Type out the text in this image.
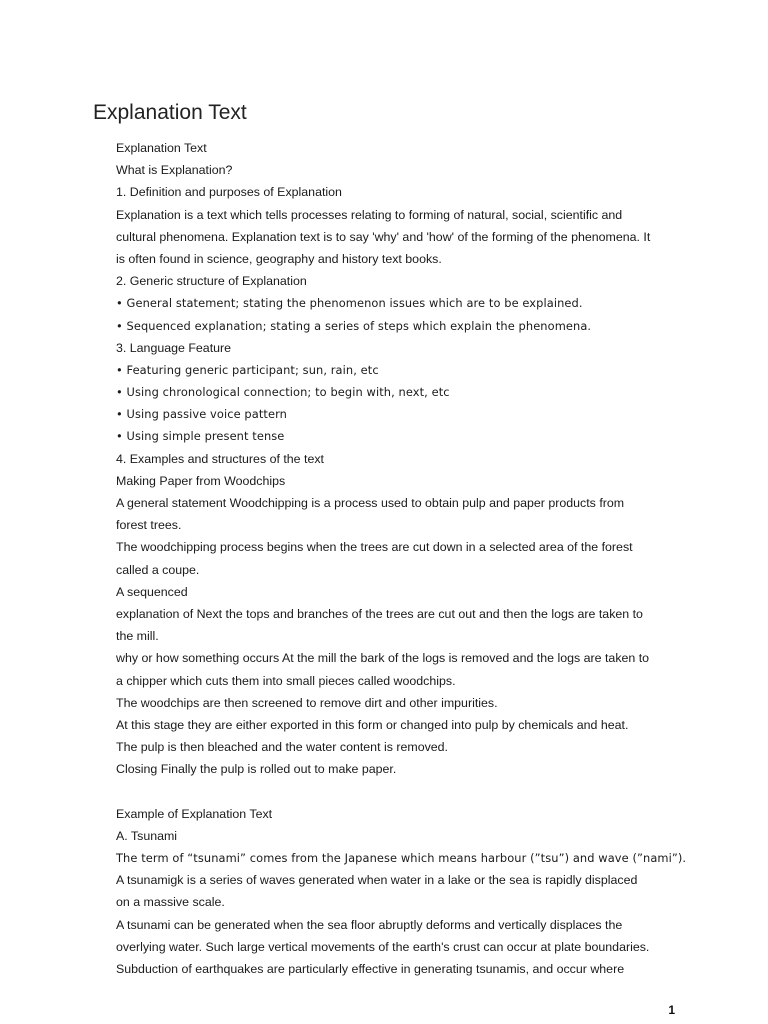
Explanation Text
Explanation Text
What is Explanation?
1. Definition and purposes of Explanation
Explanation is a text which tells processes relating to forming of natural, social, scientific and
cultural phenomena. Explanation text is to say 'why' and 'how' of the forming of the phenomena. It
is often found in science, geography and history text books.
2. Generic structure of Explanation
• General statement; stating the phenomenon issues which are to be explained.
• Sequenced explanation; stating a series of steps which explain the phenomena.
3. Language Feature
• Featuring generic participant; sun, rain, etc
• Using chronological connection; to begin with, next, etc
• Using passive voice pattern
• Using simple present tense
4. Examples and structures of the text
Making Paper from Woodchips
A general statement Woodchipping is a process used to obtain pulp and paper products from
forest trees.
The woodchipping process begins when the trees are cut down in a selected area of the forest
called a coupe.
A sequenced
explanation of Next the tops and branches of the trees are cut out and then the logs are taken to
the mill.
why or how something occurs At the mill the bark of the logs is removed and the logs are taken to
a chipper which cuts them into small pieces called woodchips.
The woodchips are then screened to remove dirt and other impurities.
At this stage they are either exported in this form or changed into pulp by chemicals and heat.
The pulp is then bleached and the water content is removed.
Closing Finally the pulp is rolled out to make paper.
Example of Explanation Text
A. Tsunami
The term of “tsunami” comes from the Japanese which means harbour (”tsu”) and wave (”nami”).
A tsunamigk is a series of waves generated when water in a lake or the sea is rapidly displaced
on a massive scale.
A tsunami can be generated when the sea floor abruptly deforms and vertically displaces the
overlying water. Such large vertical movements of the earth's crust can occur at plate boundaries.
Subduction of earthquakes are particularly effective in generating tsunamis, and occur where
1
